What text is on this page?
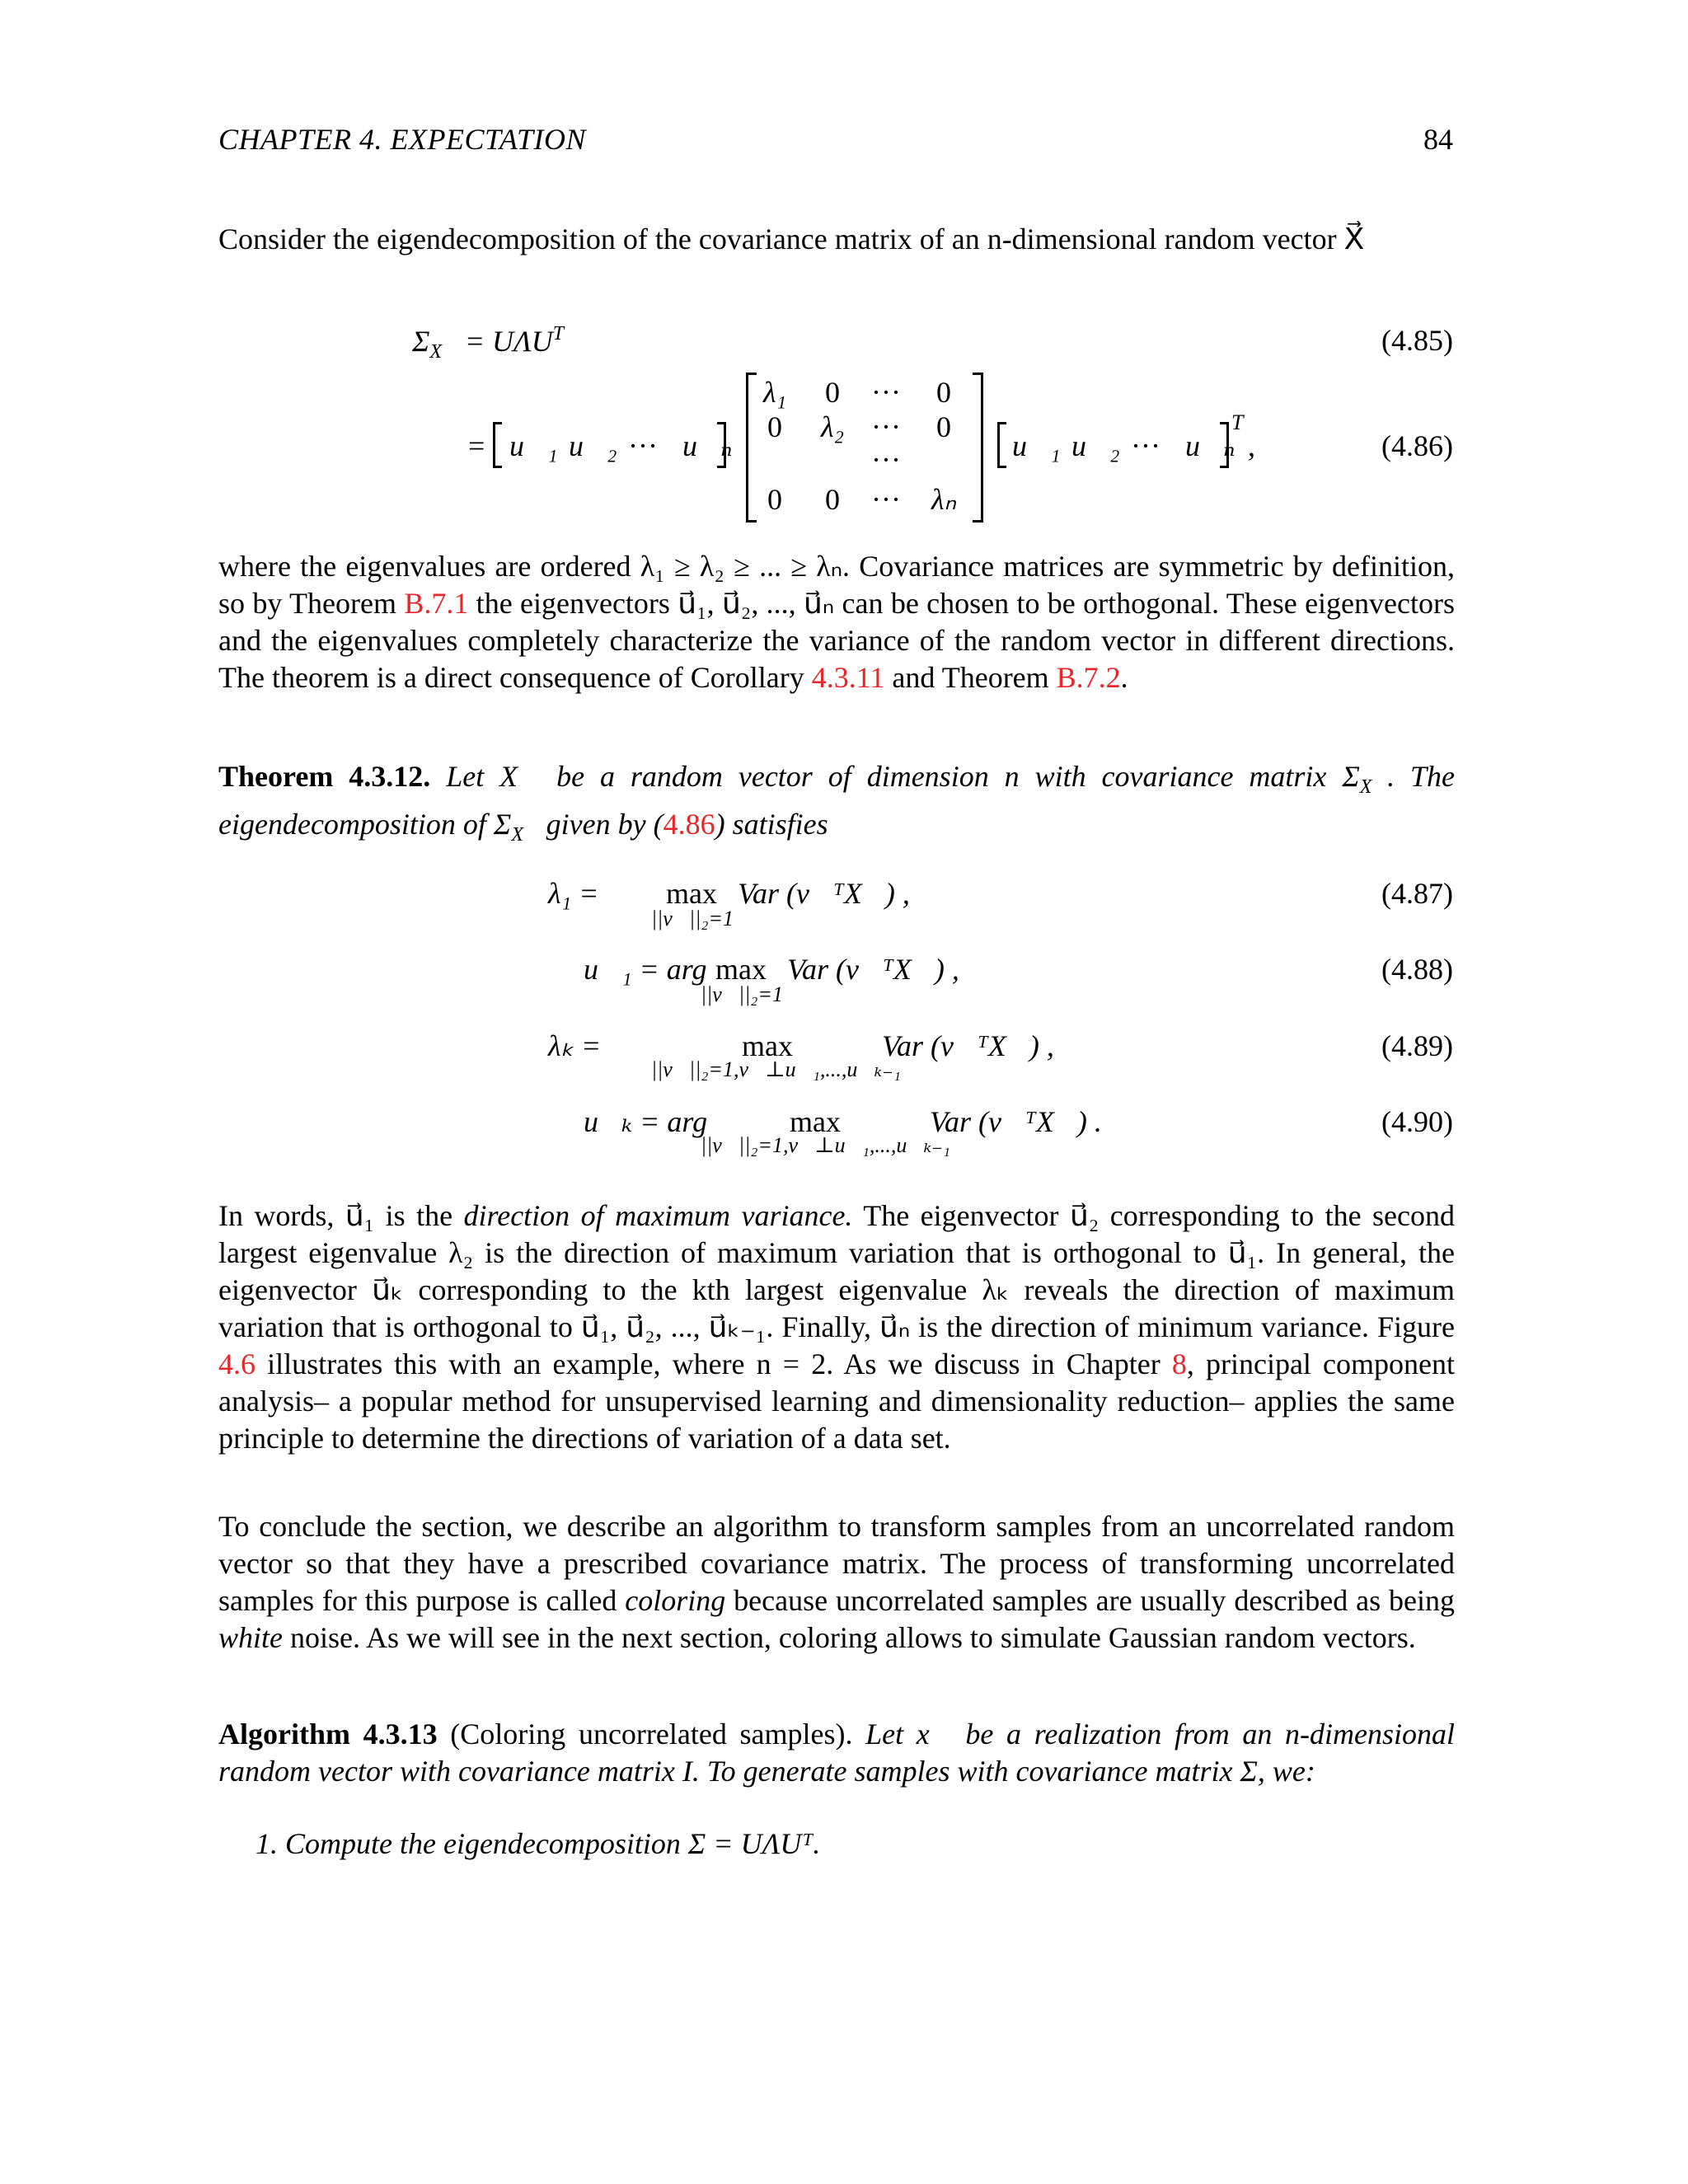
CHAPTER 4. EXPECTATION	84
Consider the eigendecomposition of the covariance matrix of an n-dimensional random vector X⃗
$\Sigma_{X⃗} = U\Lambda U^T$	(4.85)
= u⃗₁ u⃗₂ ··· u⃗ₙ
λ₁	0	···	0
0	λ₂ ···	0
···
0	0	···	λₙ
u⃗₁ u⃗₂ ··· u⃗ₙ
T
,	(4.86)
where the eigenvalues are ordered λ₁ ≥ λ₂ ≥ ... ≥ λₙ. Covariance matrices are symmetric by definition, so by Theorem B.7.1 the eigenvectors u⃗₁, u⃗₂, ..., u⃗ₙ can be chosen to be orthogonal. These eigenvectors and the eigenvalues completely characterize the variance of the random vector in different directions. The theorem is a direct consequence of Corollary 4.3.11 and Theorem B.7.2.
Theorem 4.3.12. Let X⃗ be a random vector of dimension n with covariance matrix $\Sigma_{X⃗}$. The eigendecomposition of $\Sigma_{X⃗}$ given by (4.86) satisfies
λ₁ = max
||v⃗||₂=1
Var (v⃗ᵀX⃗) ,	(4.87)
u⃗₁ = arg max
||v⃗||₂=1
Var (v⃗ᵀX⃗) ,	(4.88)
λₖ =	max
||v⃗||₂=1,v⃗⊥u⃗₁,...,u⃗ₖ₋₁
Var (v⃗ᵀX⃗) ,	(4.89)
u⃗ₖ = arg	max
||v⃗||₂=1,v⃗⊥u⃗₁,...,u⃗ₖ₋₁
Var (v⃗ᵀX⃗) .	(4.90)
In words, u⃗₁ is the direction of maximum variance. The eigenvector u⃗₂ corresponding to the second largest eigenvalue λ₂ is the direction of maximum variation that is orthogonal to u⃗₁. In general, the eigenvector u⃗ₖ corresponding to the kth largest eigenvalue λₖ reveals the direction of maximum variation that is orthogonal to u⃗₁, u⃗₂, ..., u⃗ₖ₋₁. Finally, u⃗ₙ is the direction of minimum variance. Figure 4.6 illustrates this with an example, where n = 2. As we discuss in Chapter 8, principal component analysis– a popular method for unsupervised learning and dimensionality reduction– applies the same principle to determine the directions of variation of a data set.
To conclude the section, we describe an algorithm to transform samples from an uncorrelated random vector so that they have a prescribed covariance matrix. The process of transforming uncorrelated samples for this purpose is called coloring because uncorrelated samples are usually described as being white noise. As we will see in the next section, coloring allows to simulate Gaussian random vectors.
Algorithm 4.3.13 (Coloring uncorrelated samples). Let x⃗ be a realization from an n-dimensional random vector with covariance matrix I. To generate samples with covariance matrix Σ, we:
1. Compute the eigendecomposition Σ = UΛUᵀ.
